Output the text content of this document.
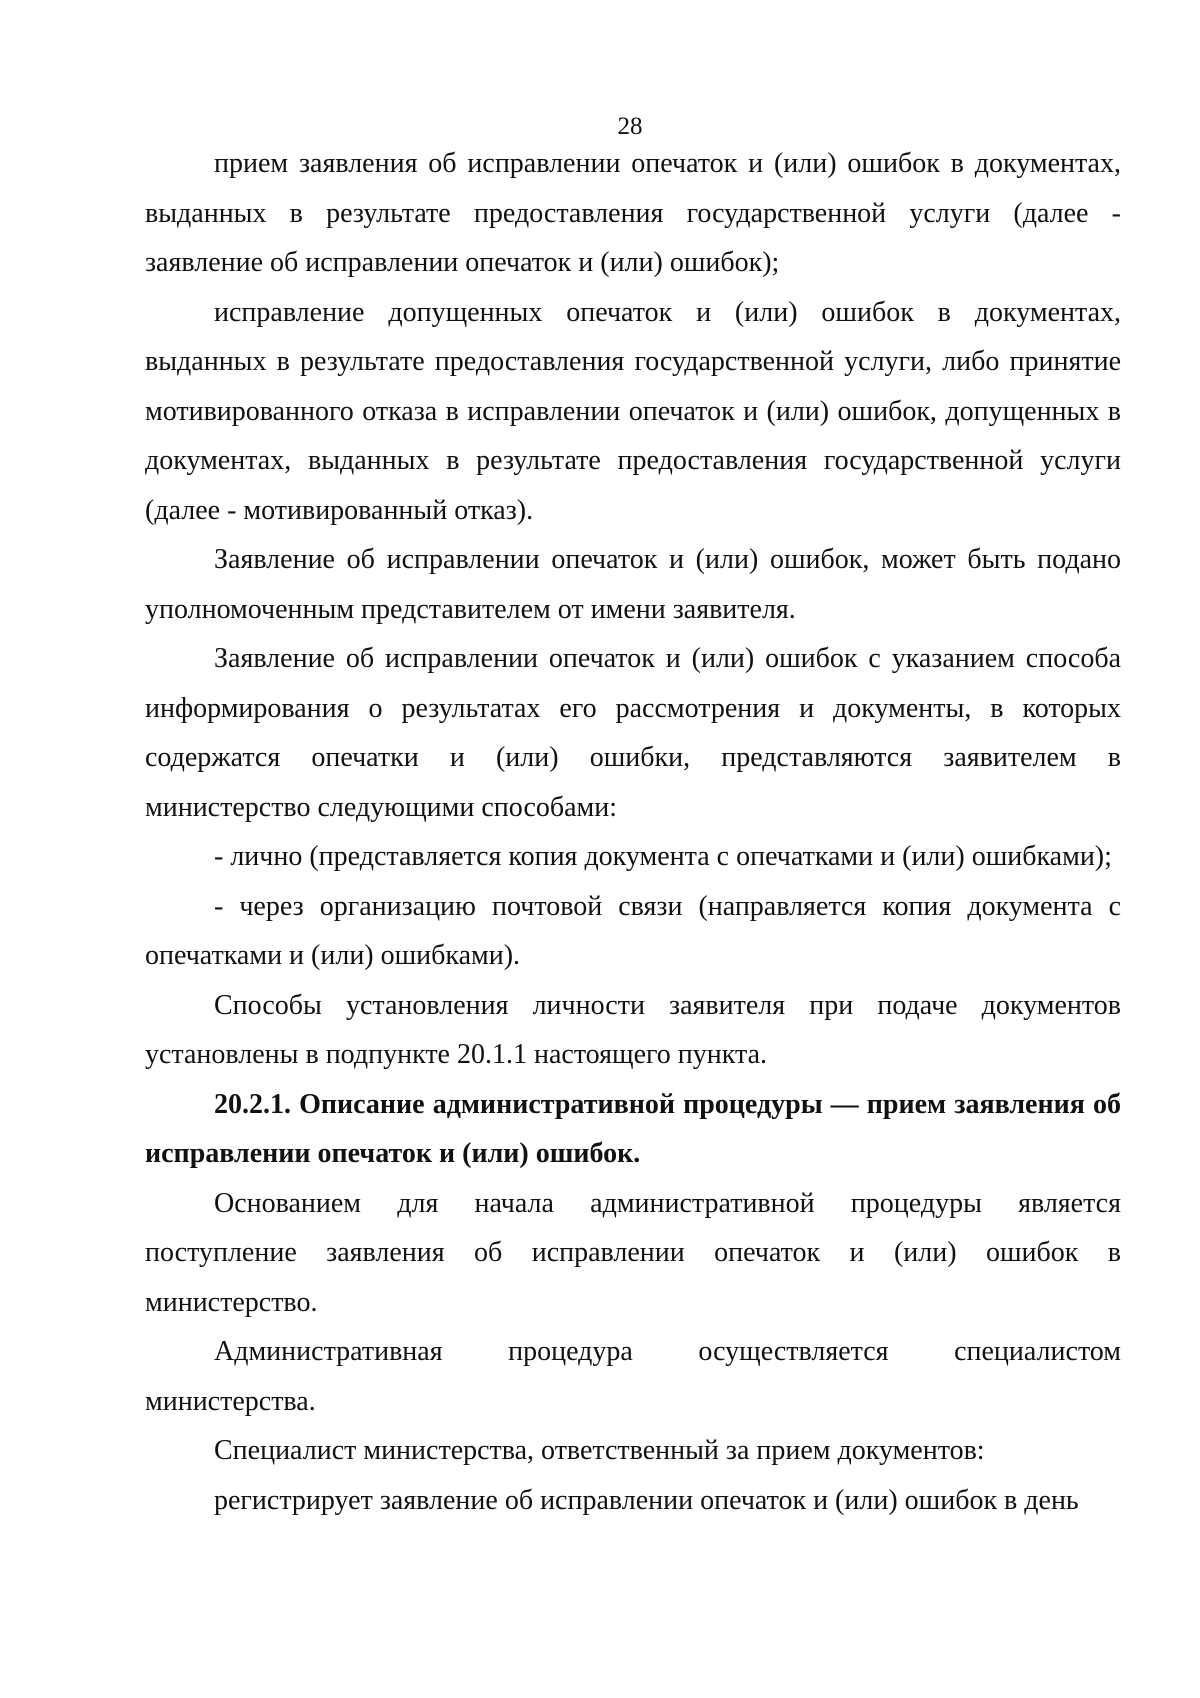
28

прием заявления об исправлении опечаток и (или) ошибок в документах, выданных в результате предоставления государственной услуги (далее - заявление об исправлении опечаток и (или) ошибок);

исправление допущенных опечаток и (или) ошибок в документах, выданных в результате предоставления государственной услуги, либо принятие мотивированного отказа в исправлении опечаток и (или) ошибок, допущенных в документах, выданных в результате предоставления государственной услуги (далее - мотивированный отказ).

Заявление об исправлении опечаток и (или) ошибок, может быть подано уполномоченным представителем от имени заявителя.

Заявление об исправлении опечаток и (или) ошибок с указанием способа информирования о результатах его рассмотрения и документы, в которых содержатся опечатки и (или) ошибки, представляются заявителем в министерство следующими способами:

- лично (представляется копия документа с опечатками и (или) ошибками);

- через организацию почтовой связи (направляется копия документа с опечатками и (или) ошибками).

Способы установления личности заявителя при подаче документов установлены в подпункте 20.1.1 настоящего пункта.

20.2.1. Описание административной процедуры — прием заявления об исправлении опечаток и (или) ошибок.

Основанием для начала административной процедуры является поступление заявления об исправлении опечаток и (или) ошибок в министерство.

Административная процедура осуществляется специалистом министерства.

Специалист министерства, ответственный за прием документов:

регистрирует заявление об исправлении опечаток и (или) ошибок в день
